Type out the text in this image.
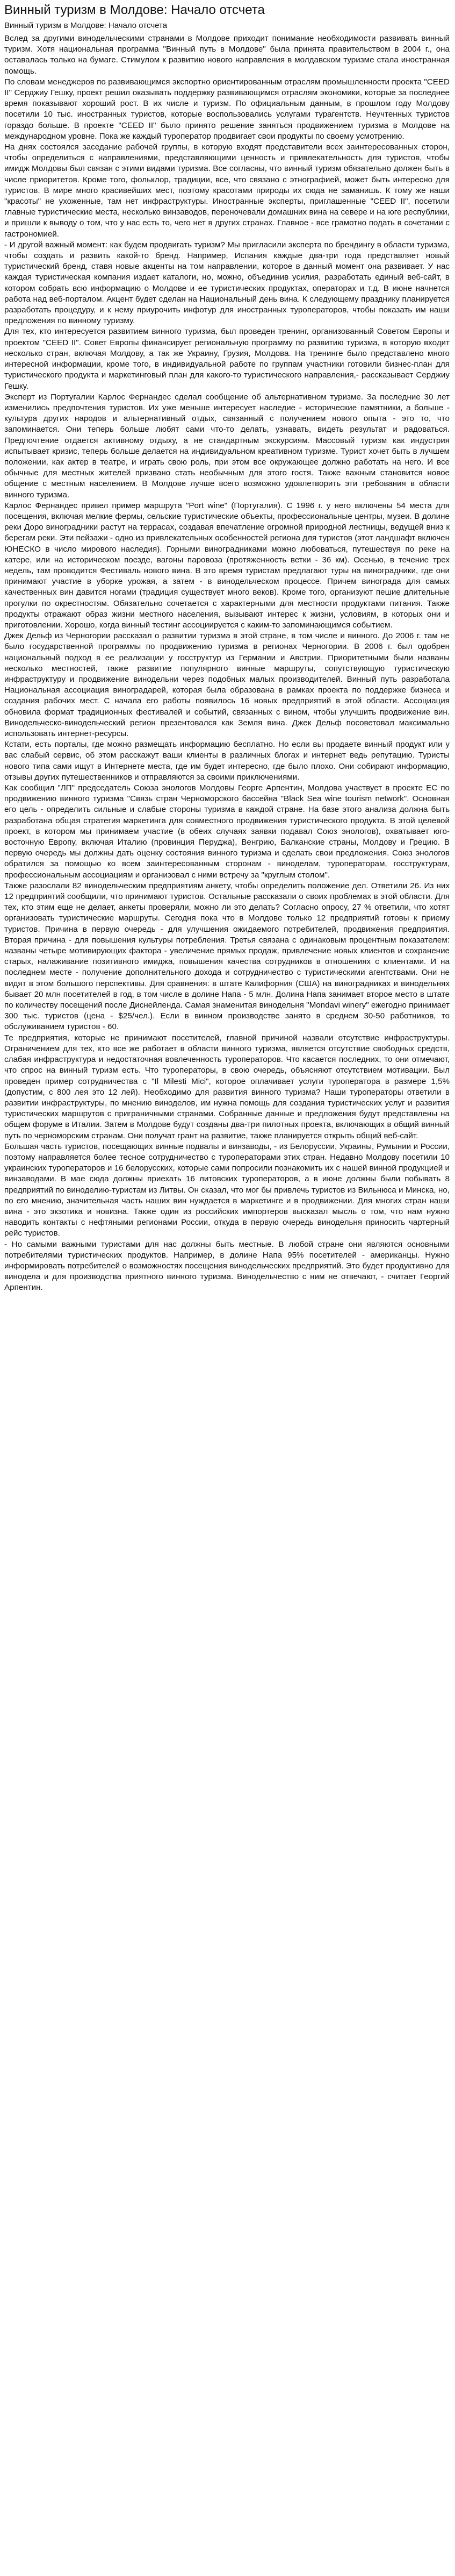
Винный туризм в Молдове: Начало отсчета
Винный туризм в Молдове: Начало отсчета

Вслед за другими винодельческими странами в Молдове приходит понимание необходимости развивать винный туризм. Хотя национальная программа "Винный путь в Молдове" была принята правительством в 2004 г., она оставалась только на бумаге. Стимулом к развитию нового направления в молдавском туризме стала иностранная помощь.

По словам менеджеров по развивающимся экспортно ориентированным отраслям промышленности проекта "CEED II" Серджиу Гешку, проект решил оказывать поддержку развивающимся отраслям экономики, которые за последнее время показывают хороший рост. В их числе и туризм. По официальным данным, в прошлом году Молдову посетили 10 тыс. иностранных туристов, которые воспользовались услугами турагентств. Неучтенных туристов гораздо больше. В проекте "CEED II" было принято решение заняться продвижением туризма в Молдове на международном уровне. Пока же каждый туроператор продвигает свои продукты по своему усмотрению.

На днях состоялся заседание рабочей группы, в которую входят представители всех заинтересованных сторон, чтобы определиться с направлениями, представляющими ценность и привлекательность для туристов, чтобы имидж Молдовы был связан с этими видами туризма. Все согласны, что винный туризм обязательно должен быть в числе приоритетов. Кроме того, фольклор, традиции, все, что связано с этнографией, может быть интересно для туристов. В мире много красивейших мест, поэтому красотами природы их сюда не заманишь. К тому же наши "красоты" не ухоженные, там нет инфраструктуры. Иностранные эксперты, приглашенные "CEED II", посетили главные туристические места, несколько винзаводов, переночевали домашних вина на севере и на юге республики, и пришли к выводу о том, что у нас есть то, чего нет в других странах. Главное - все грамотно подать в сочетании с гастрономией.

- И другой важный момент: как будем продвигать туризм? Мы пригласили эксперта по брендингу в области туризма, чтобы создать и развить какой-то бренд. Например, Испания каждые два-три года представляет новый туристический бренд, ставя новые акценты на том направлении, которое в данный момент она развивает. У нас каждая туристическая компания издает каталоги, но, можно, объединив усилия, разработать единый веб-сайт, в котором собрать всю информацию о Молдове и ее туристических продуктах, операторах и т.д. В июне начнется работа над веб-порталом. Акцент будет сделан на Национальный день вина. К следующему празднику планируется разработать процедуру, и к нему приурочить инфотур для иностранных туроператоров, чтобы показать им наши предложения по винному туризму.

Для тех, кто интересуется развитием винного туризма, был проведен тренинг, организованный Советом Европы и проектом "CEED II". Совет Европы финансирует региональную программу по развитию туризма, в которую входит несколько стран, включая Молдову, а так же Украину, Грузия, Молдова. На тренинге было представлено много интересной информации, кроме того, в индивидуальной работе по группам участники готовили бизнес-план для туристического продукта и маркетинговый план для какого-то туристического направления,- рассказывает Серджиу Гешку.

Эксперт из Португалии Карлос Фернандес сделал сообщение об альтернативном туризме. За последние 30 лет изменились предпочтения туристов. Их уже меньше интересует наследие - исторические памятники, а больше - культура других народов и альтернативный отдых, связанный с получением нового опыта - это то, что запоминается. Они теперь больше любят сами что-то делать, узнавать, видеть результат и радоваться. Предпочтение отдается активному отдыху, а не стандартным экскурсиям. Массовый туризм как индустрия испытывает кризис, теперь больше делается на индивидуальном креативном туризме. Турист хочет быть в лучшем положении, как актер в театре, и играть свою роль, при этом все окружающее должно работать на него. И все обычные для местных жителей призвано стать необычным для этого гостя. Также важным становится новое общение с местным населением. В Молдове лучше всего возможно удовлетворить эти требования в области винного туризма.

Карлос Фернандес привел пример маршрута "Port wine" (Португалия). С 1996 г. у него включены 54 места для посещения, включая мелкие фермы, сельские туристические объекты, профессиональные центры, музеи. В долине реки Доро виноградники растут на террасах, создавая впечатление огромной природной лестницы, ведущей вниз к берегам реки. Эти пейзажи - одно из привлекательных особенностей региона для туристов (этот ландшафт включен ЮНЕСКО в число мирового наследия). Горными виноградниками можно любоваться, путешествуя по реке на катере, или на историческом поезде, вагоны паровоза (протяженность ветки - 36 км). Осенью, в течение трех недель, там проводится Фестиваль нового вина. В это время туристам предлагают туры на виноградники, где они принимают участие в уборке урожая, а затем - в винодельческом процессе. Причем винограда для самых качественных вин давится ногами (традиция существует много веков). Кроме того, организуют пешие длительные прогулки по окрестностям. Обязательно сочетается с характерными для местности продуктами питания. Также продукты отражают образ жизни местного населения, вызывают интерес к жизни, условиям, в которых они и приготовлении. Хорошо, когда винный тестинг ассоциируется с каким-то запоминающимся событием.

Джек Дельф из Черногории рассказал о развитии туризма в этой стране, в том числе и винного. До 2006 г. там не было государственной программы по продвижению туризма в регионах Черногории. В 2006 г. был одобрен национальный подход в ее реализации у госструктур из Германии и Австрии. Приоритетными были названы несколько местностей, также развитие популярного винные маршруты, сопутствующую туристическую инфраструктуру и продвижение винодельни через подобных малых производителей. Винный путь разработала Национальная ассоциация виноградарей, которая была образована в рамках проекта по поддержке бизнеса и создания рабочих мест. С начала его работы появилось 16 новых предприятий в этой области. Ассоциация обновила формат традиционных фестивалей и событий, связанных с вином, чтобы улучшить продвижение вин. Винодельческо-винодельческий регион презентовался как Земля вина. Джек Дельф посоветовал максимально использовать интернет-ресурсы.

Кстати, есть порталы, где можно размещать информацию бесплатно. Но если вы продаете винный продукт или у вас слабый сервис, об этом расскажут ваши клиенты в различных блогах и интернет ведь репутацию. Туристы нового типа сами ищут в Интернете места, где им будет интересно, где было плохо. Они собирают информацию, отзывы других путешественников и отправляются за своими приключениями.

Как сообщил "ЛП" председатель Союза энологов Молдовы Георге Арпентин, Молдова участвует в проекте ЕС по продвижению винного туризма "Связь стран Черноморского бассейна "Black Sea wine tourism network". Основная его цель - определить сильные и слабые стороны туризма в каждой стране. На базе этого анализа должна быть разработана общая стратегия маркетинга для совместного продвижения туристического продукта. В этой целевой проект, в котором мы принимаем участие (в обеих случаях заявки подавал Союз энологов), охватывает юго-восточную Европу, включая Италию (провинция Перуджа), Венгрию, Балканские страны, Молдову и Грецию. В первую очередь мы должны дать оценку состояния винного туризма и сделать свои предложения. Союз энологов обратился за помощью ко всем заинтересованным сторонам - виноделам, туроператорам, госструктурам, профессиональным ассоциациям и организовал с ними встречу за "круглым столом".

Также разослали 82 винодельческим предприятиям анкету, чтобы определить положение дел. Ответили 26. Из них 12 предприятий сообщили, что принимают туристов. Остальные рассказали о своих проблемах в этой области. Для тех, кто этим еще не делает, анкеты проверяли, можно ли это делать? Согласно опросу, 27 % ответили, что хотят организовать туристические маршруты. Сегодня пока что в Молдове только 12 предприятий готовы к приему туристов. Причина в первую очередь - для улучшения ожидаемого потребителей, продвижения предприятия. Вторая причина - для повышения культуры потребления. Третья связана с одинаковым процентным показателем: названы четыре мотивирующих фактора - увеличение прямых продаж, привлечение новых клиентов и сохранение старых, налаживание позитивного имиджа, повышения качества сотрудников в отношениях с клиентами. И на последнем месте - получение дополнительного дохода и сотрудничество с туристическими агентствами. Они не видят в этом большого перспективы. Для сравнения: в штате Калифорния (США) на виноградниках и винодельнях бывает 20 млн посетителей в год, в том числе в долине Напа - 5 млн. Долина Напа занимает второе место в штате по количеству посещений после Диснейленда. Самая знаменитая винодельня "Mondavi winery" ежегодно принимает 300 тыс. туристов (цена - $25/чел.). Если в винном производстве занято в среднем 30-50 работников, то обслуживанием туристов - 60.

Те предприятия, которые не принимают посетителей, главной причиной назвали отсутствие инфраструктуры. Ограничением для тех, кто все же работает в области винного туризма, является отсутствие свободных средств, слабая инфраструктура и недостаточная вовлеченность туроператоров. Что касается последних, то они отмечают, что спрос на винный туризм есть. Что туроператоры, в свою очередь, объясняют отсутствием мотивации. Был проведен пример сотрудничества с "Il Milesti Mici", которое оплачивает услуги туроператора в размере 1,5% (допустим, с 800 лея это 12 лей). Необходимо для развития винного туризма? Наши туроператоры ответили в развитии инфраструктуры, по мнению виноделов, им нужна помощь для создания туристических услуг и развития туристических маршрутов с приграничными странами. Собранные данные и предложения будут представлены на общем форуме в Италии. Затем в Молдове будут созданы два-три пилотных проекта, включающих в общий винный путь по черноморским странам. Они получат грант на развитие, также планируется открыть общий веб-сайт.

Большая часть туристов, посещающих винные подвалы и винзаводы, - из Белоруссии, Украины, Румынии и России, поэтому направляется более тесное сотрудничество с туроператорами этих стран. Недавно Молдову посетили 10 украинских туроператоров и 16 белорусских, которые сами попросили познакомить их с нашей винной продукцией и винзаводами. В мае сюда должны приехать 16 литовских туроператоров, а в июне должны были побывать 8 предприятий по виноделию-туристам из Литвы. Он сказал, что мог бы привлечь туристов из Вильнюса и Минска, но, по его мнению, значительная часть наших вин нуждается в маркетинге и в продвижении. Для многих стран наши вина - это экзотика и новизна. Также один из российских импортеров высказал мысль о том, что нам нужно наводить контакты с нефтяными регионами России, откуда в первую очередь винодельня приносить чартерный рейс туристов.

- Но самыми важными туристами для нас должны быть местные. В любой стране они являются основными потребителями туристических продуктов. Например, в долине Напа 95% посетителей - американцы. Нужно информировать потребителей о возможностях посещения винодельческих предприятий. Это будет продуктивно для винодела и для производства приятного винного туризма. Винодельчество с ним не отвечают, - считает Георгий Арпентин.
